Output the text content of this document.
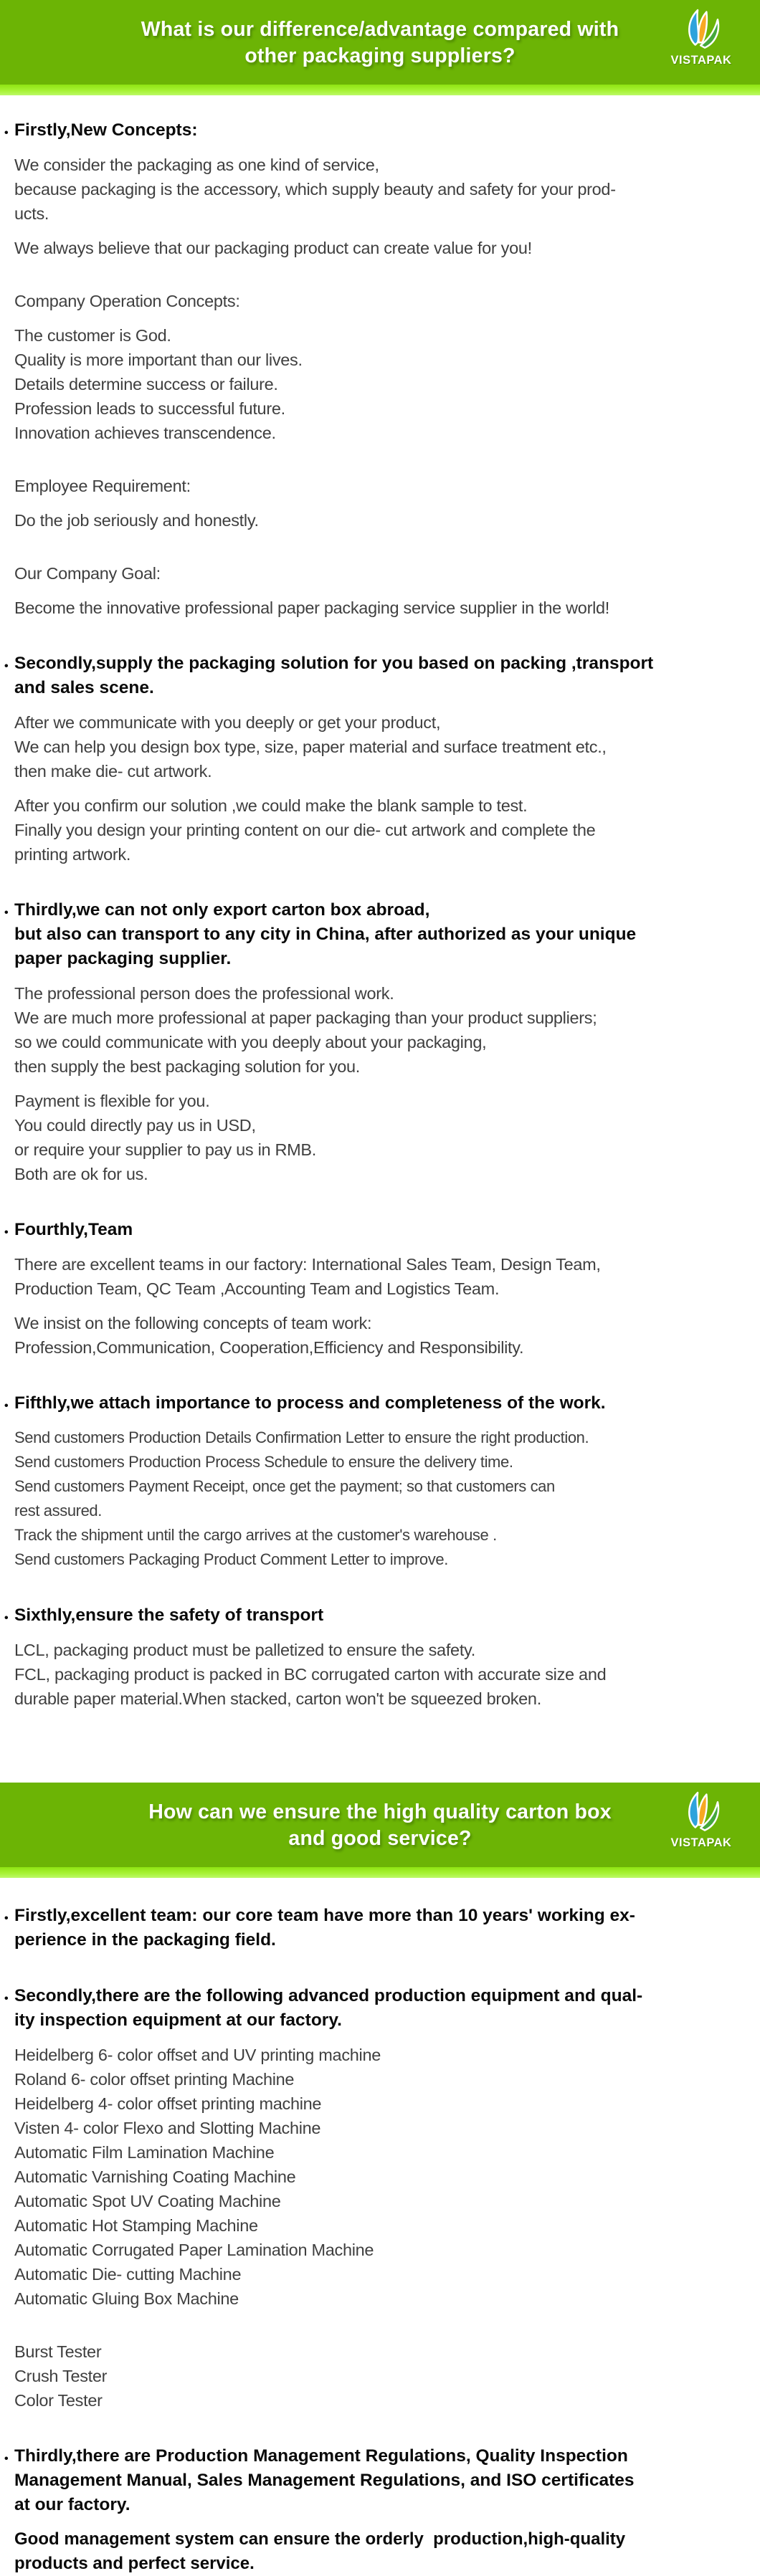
What is our difference/advantage compared with
other packaging suppliers?	VISTAPAK
• Firstly,New Concepts:
We consider the packaging as one kind of service,
because packaging is the accessory, which supply beauty and safety for your prod-
ucts.
We always believe that our packaging product can create value for you!
Company Operation Concepts:
The customer is God.
Quality is more important than our lives.
Details determine success or failure.
Profession leads to successful future.
Innovation achieves transcendence.
Employee Requirement:
Do the job seriously and honestly.
Our Company Goal:
Become the innovative professional paper packaging service supplier in the world!
• Secondly,supply the packaging solution for you based on packing ,transport
and sales scene.
After we communicate with you deeply or get your product,
We can help you design box type, size, paper material and surface treatment etc.,
then make die- cut artwork.
After you confirm our solution ,we could make the blank sample to test.
Finally you design your printing content on our die- cut artwork and complete the
printing artwork.
• Thirdly,we can not only export carton box abroad,
but also can transport to any city in China, after authorized as your unique
paper packaging supplier.
The professional person does the professional work.
We are much more professional at paper packaging than your product suppliers;
so we could communicate with you deeply about your packaging,
then supply the best packaging solution for you.
Payment is flexible for you.
You could directly pay us in USD,
or require your supplier to pay us in RMB.
Both are ok for us.
• Fourthly,Team
There are excellent teams in our factory: International Sales Team, Design Team,
Production Team, QC Team ,Accounting Team and Logistics Team.
We insist on the following concepts of team work:
Profession,Communication, Cooperation,Efficiency and Responsibility.
• Fifthly,we attach importance to process and completeness of the work.
Send customers Production Details Confirmation Letter to ensure the right production.
Send customers Production Process Schedule to ensure the delivery time.
Send customers Payment Receipt, once get the payment; so that customers can
rest assured.
Track the shipment until the cargo arrives at the customer's warehouse .
Send customers Packaging Product Comment Letter to improve.
• Sixthly,ensure the safety of transport
LCL, packaging product must be palletized to ensure the safety.
FCL, packaging product is packed in BC corrugated carton with accurate size and
durable paper material.When stacked, carton won't be squeezed broken.
How can we ensure the high quality carton box
and good service?	VISTAPAK
• Firstly,excellent team: our core team have more than 10 years' working ex-
perience in the packaging field.
• Secondly,there are the following advanced production equipment and qual-
ity inspection equipment at our factory.
Heidelberg 6- color offset and UV printing machine
Roland 6- color offset printing Machine
Heidelberg 4- color offset printing machine
Visten 4- color Flexo and Slotting Machine
Automatic Film Lamination Machine
Automatic Varnishing Coating Machine
Automatic Spot UV Coating Machine
Automatic Hot Stamping Machine
Automatic Corrugated Paper Lamination Machine
Automatic Die- cutting Machine
Automatic Gluing Box Machine
Burst Tester
Crush Tester
Color Tester
• Thirdly,there are Production Management Regulations, Quality Inspection
Management Manual, Sales Management Regulations, and ISO certificates
at our factory.
Good management system can ensure the orderly  production,high-quality
products and perfect service.
